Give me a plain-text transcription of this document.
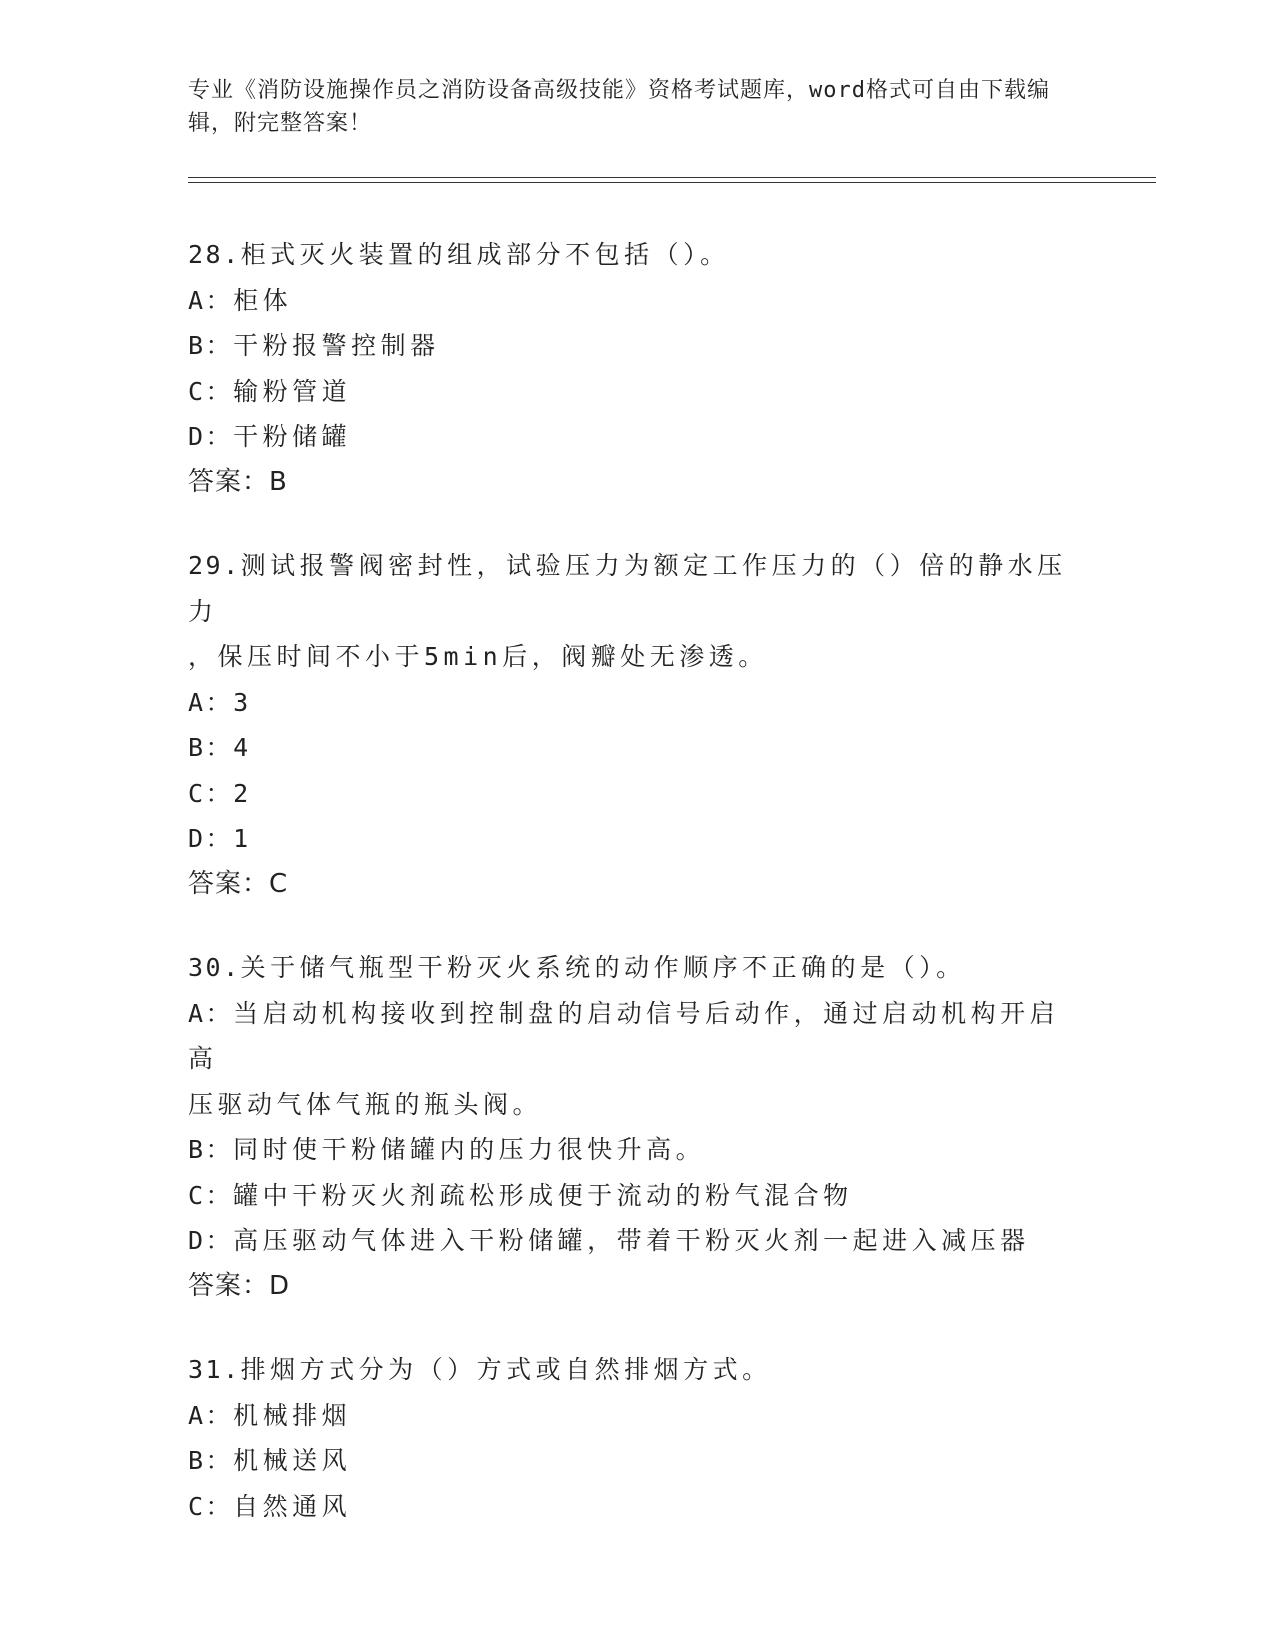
专业《消防设施操作员之消防设备高级技能》资格考试题库，word格式可自由下载编辑，附完整答案！
28.柜式灭火装置的组成部分不包括（）。
A：柜体
B：干粉报警控制器
C：输粉管道
D：干粉储罐
答案：B
29.测试报警阀密封性，试验压力为额定工作压力的（）倍的静水压力
，保压时间不小于5min后，阀瓣处无渗透。
A：3
B：4
C：2
D：1
答案：C
30.关于储气瓶型干粉灭火系统的动作顺序不正确的是（）。
A：当启动机构接收到控制盘的启动信号后动作，通过启动机构开启高
压驱动气体气瓶的瓶头阀。
B：同时使干粉储罐内的压力很快升高。
C：罐中干粉灭火剂疏松形成便于流动的粉气混合物
D：高压驱动气体进入干粉储罐，带着干粉灭火剂一起进入减压器
答案：D
31.排烟方式分为（）方式或自然排烟方式。
A：机械排烟
B：机械送风
C：自然通风
